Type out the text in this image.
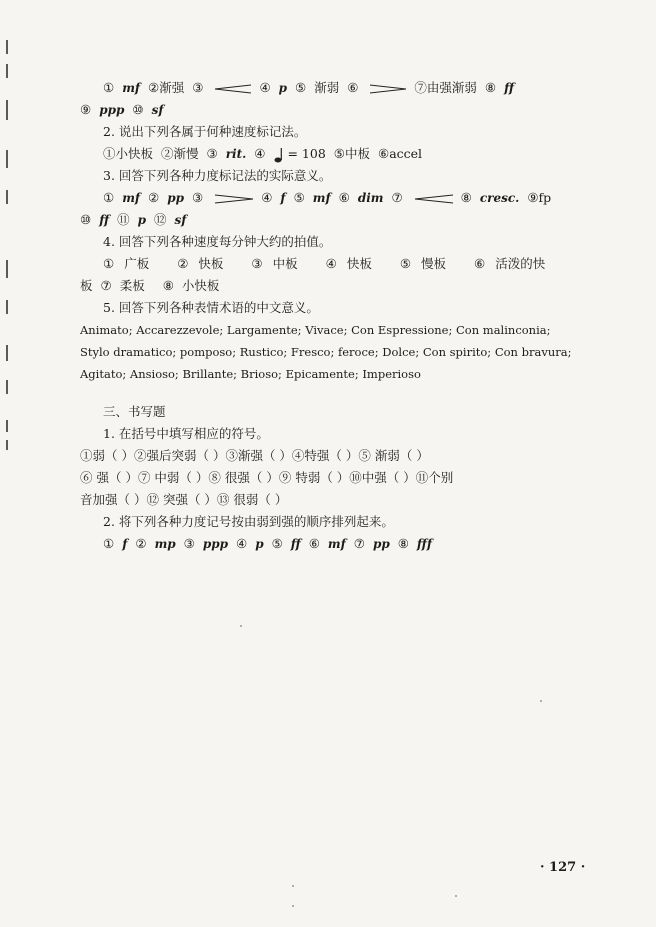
① mf ②渐强 ③	④ p ⑤ 渐弱 ⑥	⑦由强渐弱 ⑧ ff
⑨ ppp ⑩ sf
2. 说出下列各属于何种速度标记法。
①小快板 ②渐慢 ③ rit. ④ = 108 ⑤中板 ⑥accel
3. 回答下列各种力度标记法的实际意义。
① mf ② pp ③	④ f ⑤ mf ⑥ dim ⑦	⑧ cresc. ⑨fp
⑩ ff ⑪ p ⑫ sf
4. 回答下列各种速度每分钟大约的拍值。
① 广板 ② 快板 ③ 中板 ④ 快板 ⑤ 慢板 ⑥ 活泼的快
板 ⑦ 柔板 ⑧ 小快板
5. 回答下列各种表情术语的中文意义。
Animato; Accarezzevole; Largamente; Vivace; Con Espressione; Con malinconia;
Stylo dramatico; pomposo; Rustico; Fresco; feroce; Dolce; Con spirito; Con bravura;
Agitato; Ansioso; Brillante; Brioso; Epicamente; Imperioso
三、书写题
1. 在括号中填写相应的符号。
①弱（ ）②强后突弱（ ）③渐强（ ）④特强（ ）⑤ 渐弱（ ）
⑥ 强（ ）⑦ 中弱（ ）⑧ 很强（ ）⑨ 特弱（ ）⑩中强（ ）⑪个别
音加强（ ）⑫ 突强（ ）⑬ 很弱（ ）
2. 将下列各种力度记号按由弱到强的顺序排列起来。
① f ② mp ③ ppp ④ p ⑤ ff ⑥ mf ⑦ pp ⑧ fff
· 127 ·
